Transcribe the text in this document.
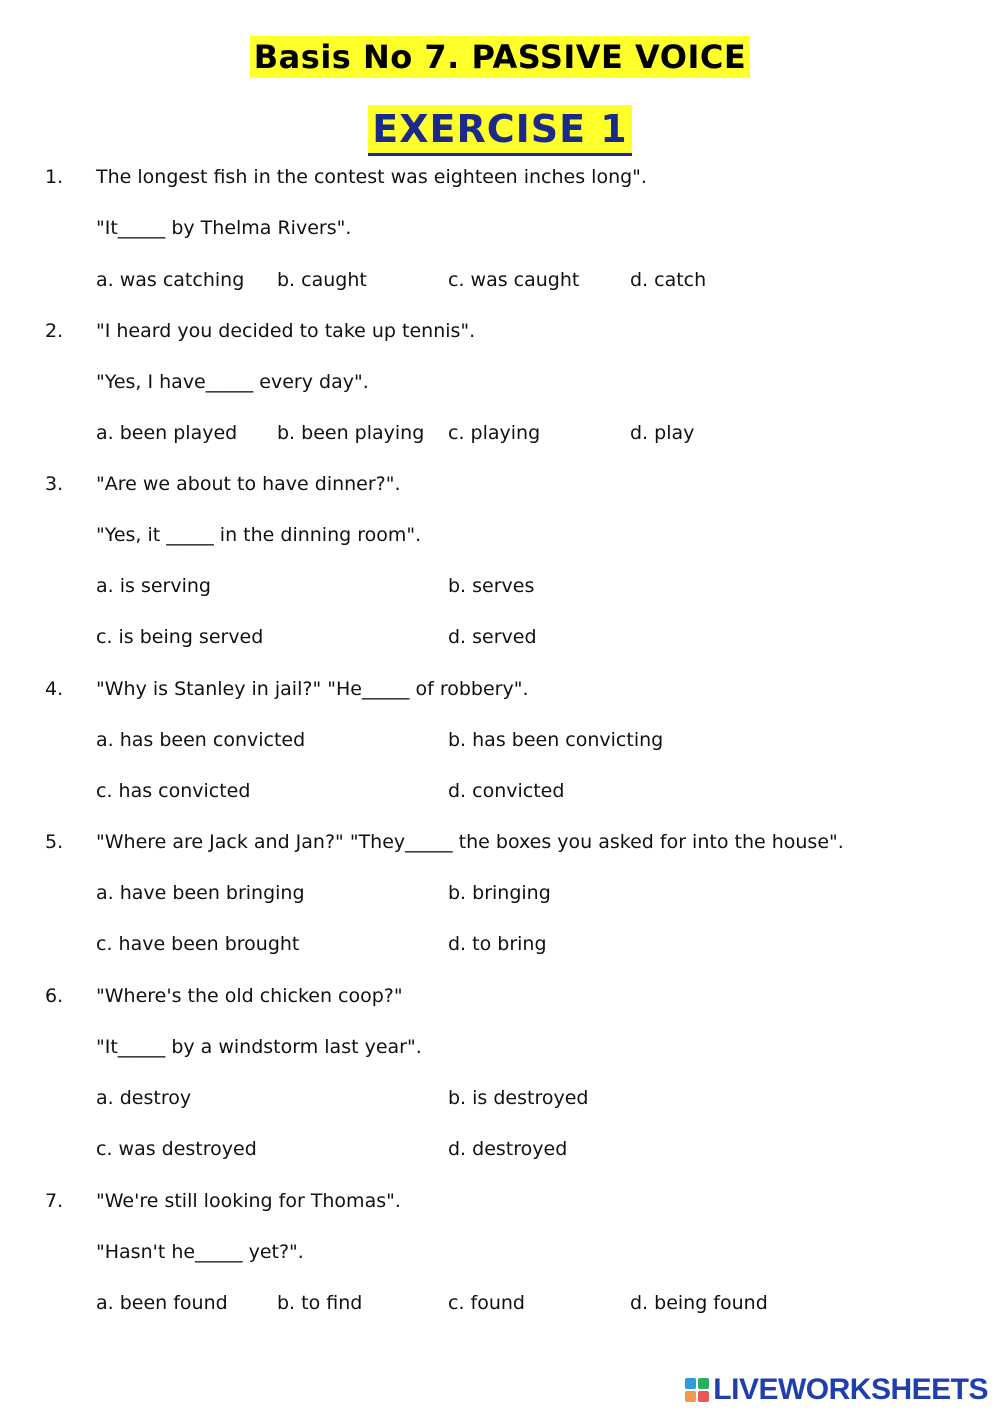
Basis No 7. PASSIVE VOICE
EXERCISE 1
1. The longest fish in the contest was eighteen inches long".
"It_____ by Thelma Rivers".
a. was catching b. caught	c. was caught	d. catch
2. "I heard you decided to take up tennis".
"Yes, I have_____ every day".
a. been played b. been playing c. playing	d. play
3. "Are we about to have dinner?".
"Yes, it _____ in the dinning room".
a. is serving	b. serves
c. is being served	d. served
4. "Why is Stanley in jail?" "He_____ of robbery".
a. has been convicted	b. has been convicting
c. has convicted	d. convicted
5. "Where are Jack and Jan?" "They_____ the boxes you asked for into the house".
a. have been bringing	b. bringing
c. have been brought	d. to bring
6. "Where's the old chicken coop?"
"It_____ by a windstorm last year".
a. destroy	b. is destroyed
c. was destroyed	d. destroyed
7. "We're still looking for Thomas".
"Hasn't he_____ yet?".
a. been found	b. to find	c. found	d. being found
LIVEWORKSHEETS
